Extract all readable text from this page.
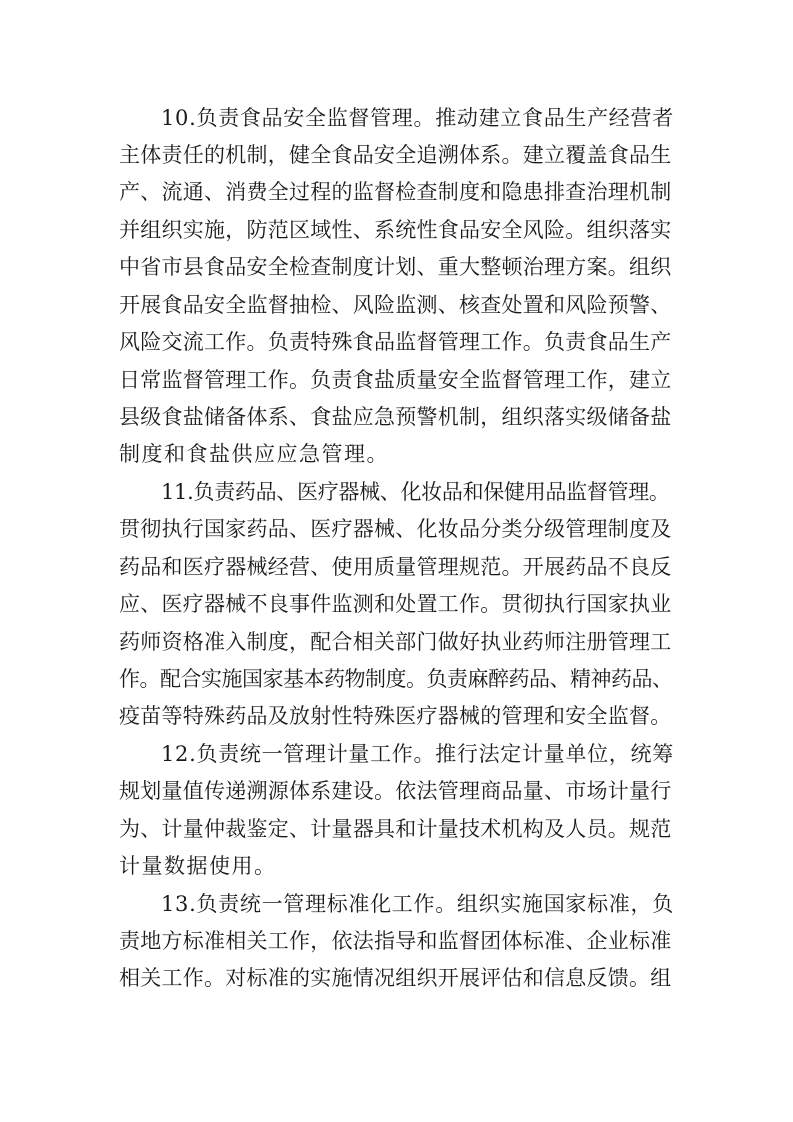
10.负责食品安全监督管理。推动建立食品生产经营者
主体责任的机制，健全食品安全追溯体系。建立覆盖食品生
产、流通、消费全过程的监督检查制度和隐患排查治理机制
并组织实施，防范区域性、系统性食品安全风险。组织落实
中省市县食品安全检查制度计划、重大整顿治理方案。组织
开展食品安全监督抽检、风险监测、核查处置和风险预警、
风险交流工作。负责特殊食品监督管理工作。负责食品生产
日常监督管理工作。负责食盐质量安全监督管理工作，建立
县级食盐储备体系、食盐应急预警机制，组织落实级储备盐
制度和食盐供应应急管理。
11.负责药品、医疗器械、化妆品和保健用品监督管理。
贯彻执行国家药品、医疗器械、化妆品分类分级管理制度及
药品和医疗器械经营、使用质量管理规范。开展药品不良反
应、医疗器械不良事件监测和处置工作。贯彻执行国家执业
药师资格准入制度，配合相关部门做好执业药师注册管理工
作。配合实施国家基本药物制度。负责麻醉药品、精神药品、
疫苗等特殊药品及放射性特殊医疗器械的管理和安全监督。
12.负责统一管理计量工作。推行法定计量单位，统筹
规划量值传递溯源体系建设。依法管理商品量、市场计量行
为、计量仲裁鉴定、计量器具和计量技术机构及人员。规范
计量数据使用。
13.负责统一管理标准化工作。组织实施国家标准，负
责地方标准相关工作，依法指导和监督团体标准、企业标准
相关工作。对标准的实施情况组织开展评估和信息反馈。组
